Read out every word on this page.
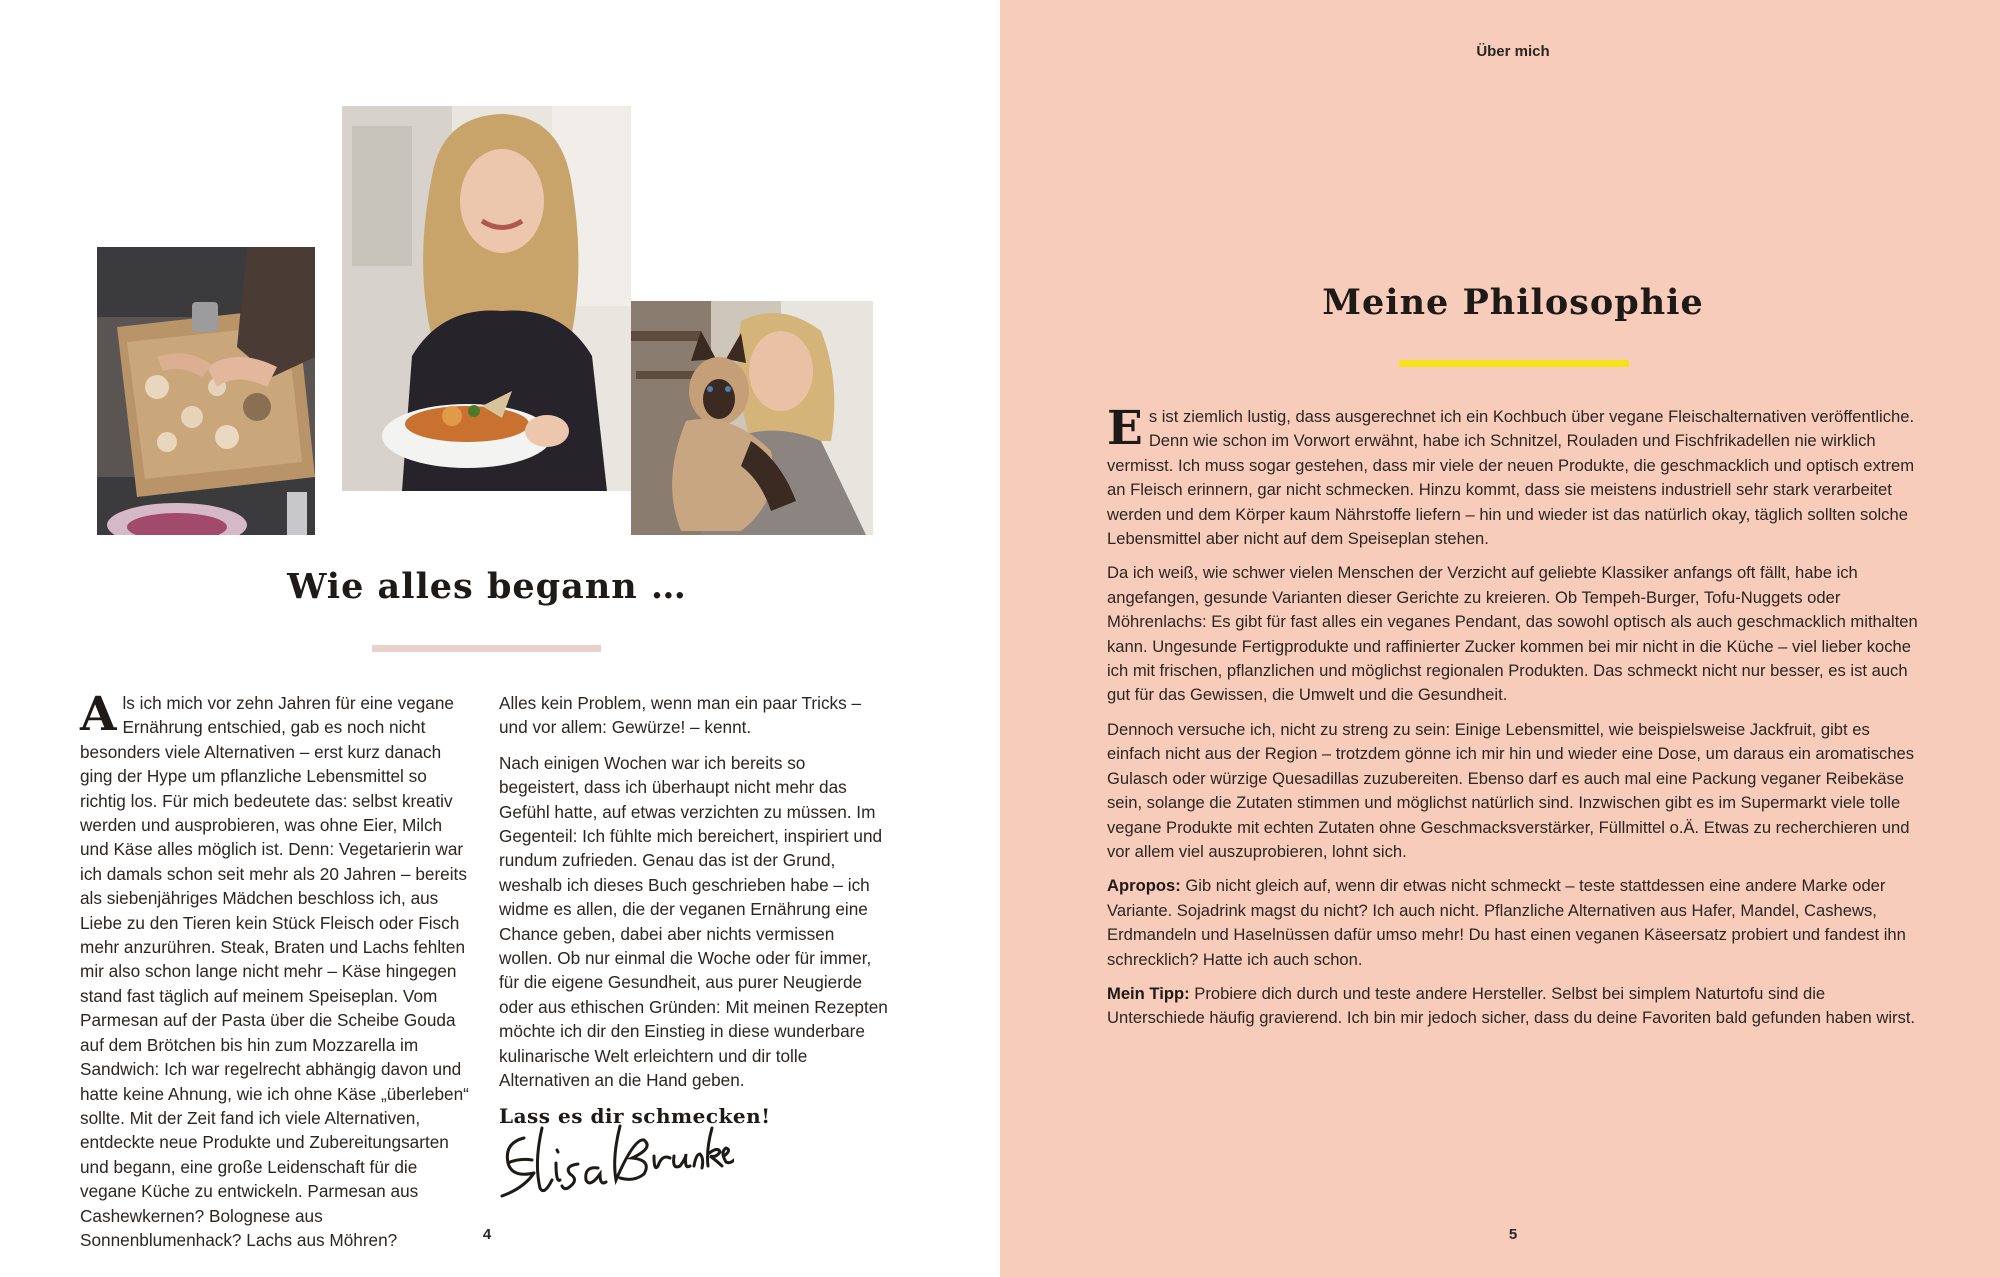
Wie alles begann …
A ls ich mich vor zehn Jahren für eine vegane Ernährung entschied, gab es noch nicht besonders viele Alternativen – erst kurz danach ging der Hype um pflanzliche Lebensmittel so richtig los. Für mich bedeutete das: selbst kreativ werden und ausprobieren, was ohne Eier, Milch und Käse alles möglich ist. Denn: Vegetarierin war ich damals schon seit mehr als 20 Jahren – bereits als siebenjähriges Mädchen beschloss ich, aus Liebe zu den Tieren kein Stück Fleisch oder Fisch mehr anzurühren. Steak, Braten und Lachs fehlten mir also schon lange nicht mehr – Käse hingegen stand fast täglich auf meinem Speiseplan. Vom Parmesan auf der Pasta über die Scheibe Gouda auf dem Brötchen bis hin zum Mozzarella im Sandwich: Ich war regelrecht abhängig davon und hatte keine Ahnung, wie ich ohne Käse „überleben“ sollte. Mit der Zeit fand ich viele Alternativen, entdeckte neue Produkte und Zubereitungsarten und begann, eine große Leidenschaft für die vegane Küche zu entwickeln. Parmesan aus Cashewkernen? Bolognese aus Sonnenblumenhack? Lachs aus Möhren?

Alles kein Problem, wenn man ein paar Tricks – und vor allem: Gewürze! – kennt.

Nach einigen Wochen war ich bereits so begeistert, dass ich überhaupt nicht mehr das Gefühl hatte, auf etwas verzichten zu müssen. Im Gegenteil: Ich fühlte mich bereichert, inspiriert und rundum zufrieden. Genau das ist der Grund, weshalb ich dieses Buch geschrieben habe – ich widme es allen, die der veganen Ernährung eine Chance geben, dabei aber nichts vermissen wollen. Ob nur einmal die Woche oder für immer, für die eigene Gesundheit, aus purer Neugierde oder aus ethischen Gründen: Mit meinen Rezepten möchte ich dir den Einstieg in diese wunderbare kulinarische Welt erleichtern und dir tolle Alternativen an die Hand geben.

Lass es dir schmecken!
4
Über mich
Meine Philosophie

Es ist ziemlich lustig, dass ausgerechnet ich ein Kochbuch über vegane Fleischalternativen veröffentliche. Denn wie schon im Vorwort erwähnt, habe ich Schnitzel, Rouladen und Fischfrikadellen nie wirklich vermisst. Ich muss sogar gestehen, dass mir viele der neuen Produkte, die geschmacklich und optisch extrem an Fleisch erinnern, gar nicht schmecken. Hinzu kommt, dass sie meistens industriell sehr stark verarbeitet werden und dem Körper kaum Nährstoffe liefern – hin und wieder ist das natürlich okay, täglich sollten solche Lebensmittel aber nicht auf dem Speiseplan stehen.

Da ich weiß, wie schwer vielen Menschen der Verzicht auf geliebte Klassiker anfangs oft fällt, habe ich angefangen, gesunde Varianten dieser Gerichte zu kreieren. Ob Tempeh-Burger, Tofu-Nuggets oder Möhrenlachs: Es gibt für fast alles ein veganes Pendant, das sowohl optisch als auch geschmacklich mithalten kann. Ungesunde Fertigprodukte und raffinierter Zucker kommen bei mir nicht in die Küche – viel lieber koche ich mit frischen, pflanzlichen und möglichst regionalen Produkten. Das schmeckt nicht nur besser, es ist auch gut für das Gewissen, die Umwelt und die Gesundheit.

Dennoch versuche ich, nicht zu streng zu sein: Einige Lebensmittel, wie beispielsweise Jackfruit, gibt es einfach nicht aus der Region – trotzdem gönne ich mir hin und wieder eine Dose, um daraus ein aromatisches Gulasch oder würzige Quesadillas zuzubereiten. Ebenso darf es auch mal eine Packung veganer Reibekäse sein, solange die Zutaten stimmen und möglichst natürlich sind. Inzwischen gibt es im Supermarkt viele tolle vegane Produkte mit echten Zutaten ohne Geschmacksverstärker, Füllmittel o.Ä. Etwas zu recherchieren und vor allem viel auszuprobieren, lohnt sich.

Apropos: Gib nicht gleich auf, wenn dir etwas nicht schmeckt – teste stattdessen eine andere Marke oder Variante. Sojadrink magst du nicht? Ich auch nicht. Pflanzliche Alternativen aus Hafer, Mandel, Cashews, Erdmandeln und Haselnüssen dafür umso mehr! Du hast einen veganen Käseersatz probiert und fandest ihn schrecklich? Hatte ich auch schon.

Mein Tipp: Probiere dich durch und teste andere Hersteller. Selbst bei simplem Naturtofu sind die Unterschiede häufig gravierend. Ich bin mir jedoch sicher, dass du deine Favoriten bald gefunden haben wirst.

5
